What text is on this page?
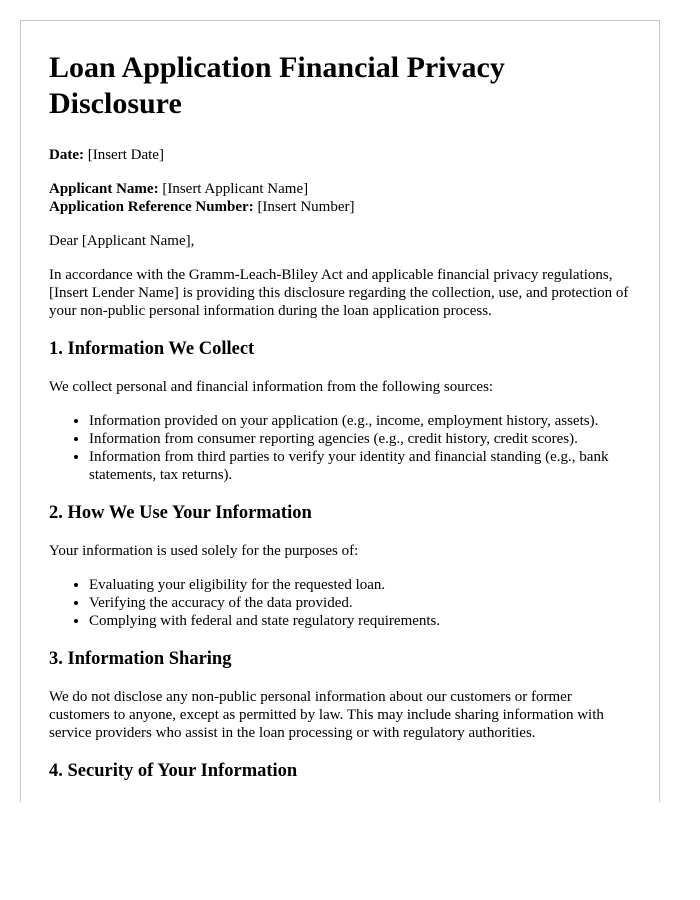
Loan Application Financial Privacy Disclosure

Date: [Insert Date]

Applicant Name: [Insert Applicant Name]
Application Reference Number: [Insert Number]

Dear [Applicant Name],

In accordance with the Gramm-Leach-Bliley Act and applicable financial privacy regulations, [Insert Lender Name] is providing this disclosure regarding the collection, use, and protection of your non-public personal information during the loan application process.

1. Information We Collect

We collect personal and financial information from the following sources:

• Information provided on your application (e.g., income, employment history, assets).
• Information from consumer reporting agencies (e.g., credit history, credit scores).
• Information from third parties to verify your identity and financial standing (e.g., bank statements, tax returns).
2. How We Use Your Information

Your information is used solely for the purposes of:

• Evaluating your eligibility for the requested loan.
• Verifying the accuracy of the data provided.
• Complying with federal and state regulatory requirements.
3. Information Sharing

We do not disclose any non-public personal information about our customers or former customers to anyone, except as permitted by law. This may include sharing information with service providers who assist in the loan processing or with regulatory authorities.

4. Security of Your Information
